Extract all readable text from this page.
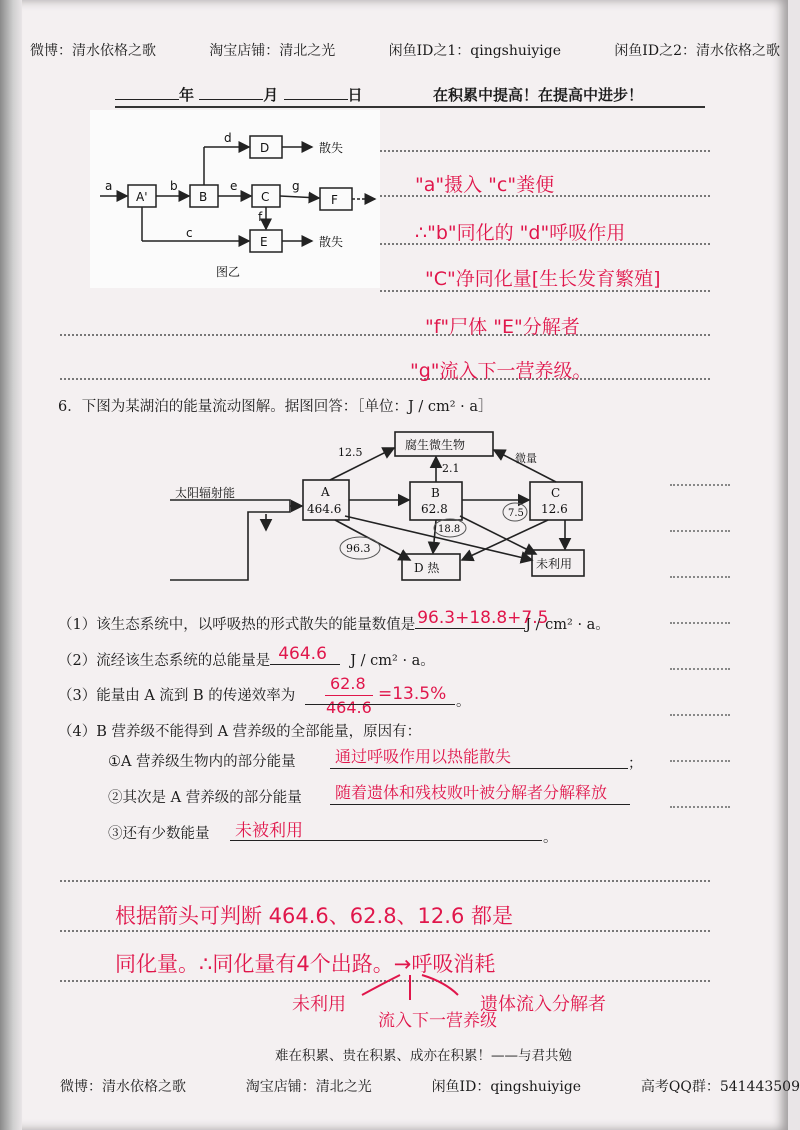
微博：清水依格之歌	淘宝店铺：清北之光	闲鱼ID之1：qingshuiyige	闲鱼ID之2：清水依格之歌
年	月	日	在积累中提高！在提高中进步！
A'	B	C
D
E
F
a	b
c
d
e
f
g
散失
散失
图乙
"a"摄入 "c"粪便
∴"b"同化的 "d"呼吸作用
"C"净同化量[生长发育繁殖]
"f"尸体 "E"分解者
"g"流入下一营养级。
6．下图为某湖泊的能量流动图解。据图回答：［单位：J / cm² · a］
太阳辐射能	A
464.6
B
62.8
C
12.6
腐生微生物
D 热	未利用
12.5
2.1
96.3
18.8
7.5
微量
（1）该生态系统中，以呼吸热的形式散失的能量数值是 96.3+18.8+7.5
J / cm² · a。
（2）流经该生态系统的总能量是 464.6 J / cm² · a。
（3）能量由 A 流到 B 的传递效率为
62.8
464.6
=13.5% 。
（4）B 营养级不能得到 A 营养级的全部能量，原因有：
①A 营养级生物内的部分能量 通过呼吸作用以热能散失	；
②其次是 A 营养级的部分能量 随着遗体和残枝败叶被分解者分解释放
③还有少数能量 未被利用	。
根据箭头可判断 464.6、62.8、12.6 都是
同化量。∴同化量有4个出路。→呼吸消耗
未利用
流入下一营养级
遗体流入分解者
难在积累、贵在积累、成亦在积累！——与君共勉
微博：清水依格之歌	淘宝店铺：清北之光	闲鱼ID：qingshuiyige	高考QQ群：541443509
